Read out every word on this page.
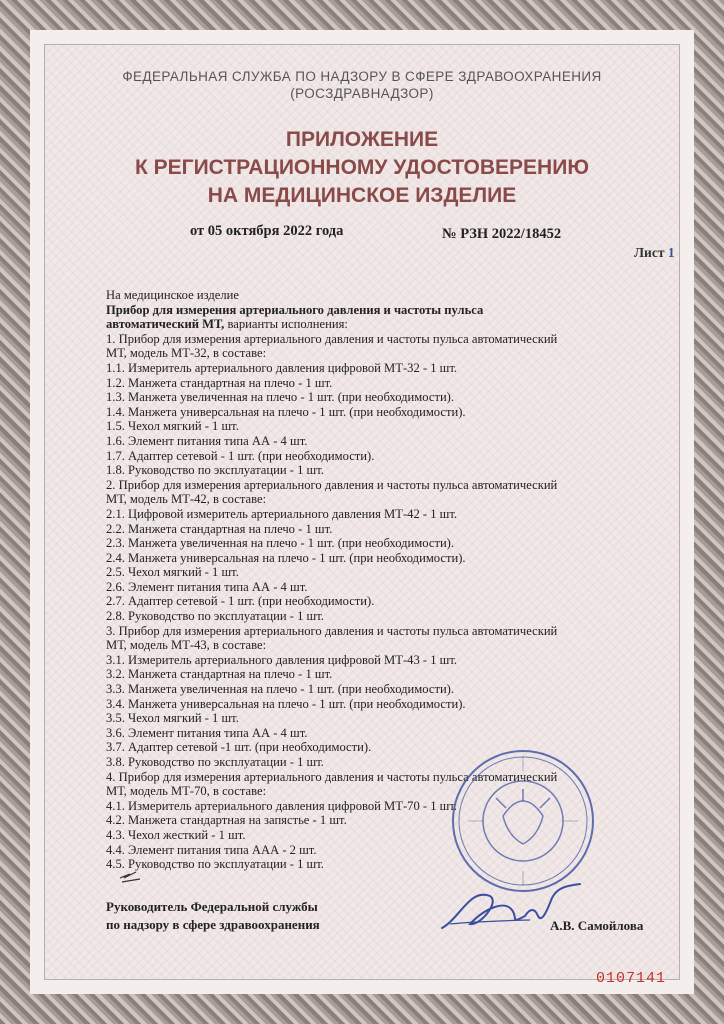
ФЕДЕРАЛЬНАЯ СЛУЖБА ПО НАДЗОРУ В СФЕРЕ ЗДРАВООХРАНЕНИЯ
(РОСЗДРАВНАДЗОР)
ПРИЛОЖЕНИЕ
К РЕГИСТРАЦИОННОМУ УДОСТОВЕРЕНИЮ
НА МЕДИЦИНСКОЕ ИЗДЕЛИЕ
от 05 октября 2022 года	№ РЗН 2022/18452
Лист 1
На медицинское изделие
Прибор для измерения артериального давления и частоты пульса
автоматический МТ, варианты исполнения:
1. Прибор для измерения артериального давления и частоты пульса автоматический
МТ, модель МТ-32, в составе:
1.1. Измеритель артериального давления цифровой МТ-32 - 1 шт.
1.2. Манжета стандартная на плечо - 1 шт.
1.3. Манжета увеличенная на плечо - 1 шт. (при необходимости).
1.4. Манжета универсальная на плечо - 1 шт. (при необходимости).
1.5. Чехол мягкий - 1 шт.
1.6. Элемент питания типа АА - 4 шт.
1.7. Адаптер сетевой - 1 шт. (при необходимости).
1.8. Руководство по эксплуатации - 1 шт.
2. Прибор для измерения артериального давления и частоты пульса автоматический
МТ, модель МТ-42, в составе:
2.1. Цифровой измеритель артериального давления МТ-42 - 1 шт.
2.2. Манжета стандартная на плечо - 1 шт.
2.3. Манжета увеличенная на плечо - 1 шт. (при необходимости).
2.4. Манжета универсальная на плечо - 1 шт. (при необходимости).
2.5. Чехол мягкий - 1 шт.
2.6. Элемент питания типа АА - 4 шт.
2.7. Адаптер сетевой - 1 шт. (при необходимости).
2.8. Руководство по эксплуатации - 1 шт.
3. Прибор для измерения артериального давления и частоты пульса автоматический
МТ, модель МТ-43, в составе:
3.1. Измеритель артериального давления цифровой МТ-43 - 1 шт.
3.2. Манжета стандартная на плечо - 1 шт.
3.3. Манжета увеличенная на плечо - 1 шт. (при необходимости).
3.4. Манжета универсальная на плечо - 1 шт. (при необходимости).
3.5. Чехол мягкий - 1 шт.
3.6. Элемент питания типа АА - 4 шт.
3.7. Адаптер сетевой -1 шт. (при необходимости).
3.8. Руководство по эксплуатации - 1 шт.
4. Прибор для измерения артериального давления и частоты пульса автоматический
МТ, модель МТ-70, в составе:
4.1. Измеритель артериального давления цифровой МТ-70 - 1 шт.
4.2. Манжета стандартная на запястье - 1 шт.
4.3. Чехол жесткий - 1 шт.
4.4. Элемент питания типа ААА - 2 шт.
4.5. Руководство по эксплуатации - 1 шт.
Руководитель Федеральной службы
по надзору в сфере здравоохранения	А.В. Самойлова
0107141
